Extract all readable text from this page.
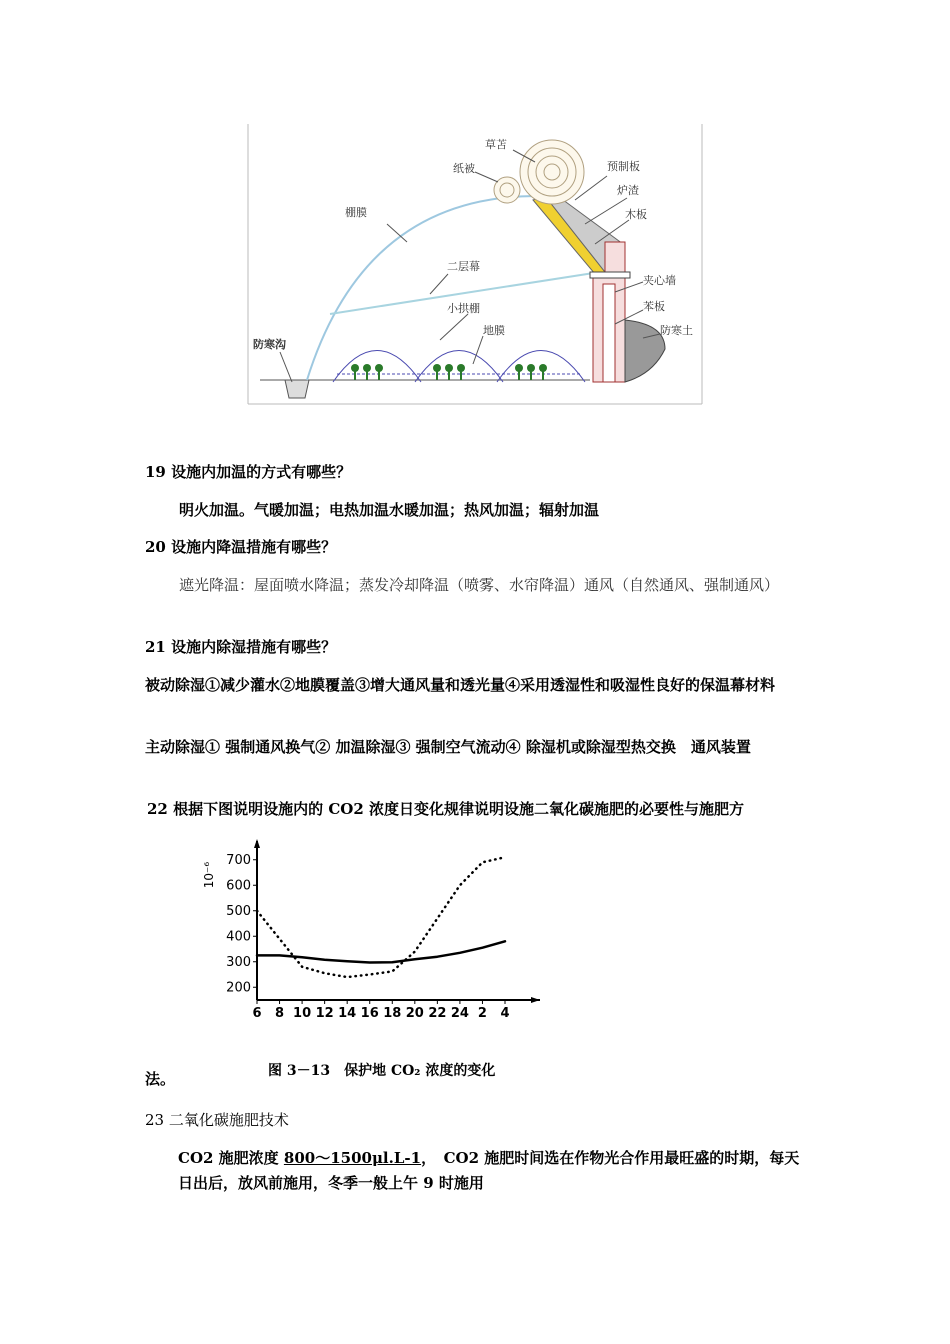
草苫
纸被	预制板
炉渣
木板
棚膜
二层幕
小拱棚
地膜
夹心墙
苯板
防寒土
防寒沟
19 设施内加温的方式有哪些？
明火加温。气暖加温；电热加温水暖加温；热风加温；辐射加温
20 设施内降温措施有哪些？
遮光降温：屋面喷水降温；蒸发冷却降温（喷雾、水帘降温）通风（自然通风、强制通风）
21 设施内除湿措施有哪些？
被动除湿①减少灌水②地膜覆盖③增大通风量和透光量④采用透湿性和吸湿性良好的保温幕材料
主动除湿① 强制通风换气② 加温除湿③ 强制空气流动④ 除湿机或除湿型热交换　通风装置
22 根据下图说明设施内的 CO2 浓度日变化规律说明设施二氧化碳施肥的必要性与施肥方
200
300
400
500
600
700
6 8 10 12 14 16 18 20 22 24 2 4
10⁻⁶
法。	图 3－13　保护地 CO₂ 浓度的变化
23 二氧化碳施肥技术
CO2 施肥浓度 800～1500μl.L-1，　CO2 施肥时间选在作物光合作用最旺盛的时期，每天日出后，放风前施用，冬季一般上午 9 时施用
